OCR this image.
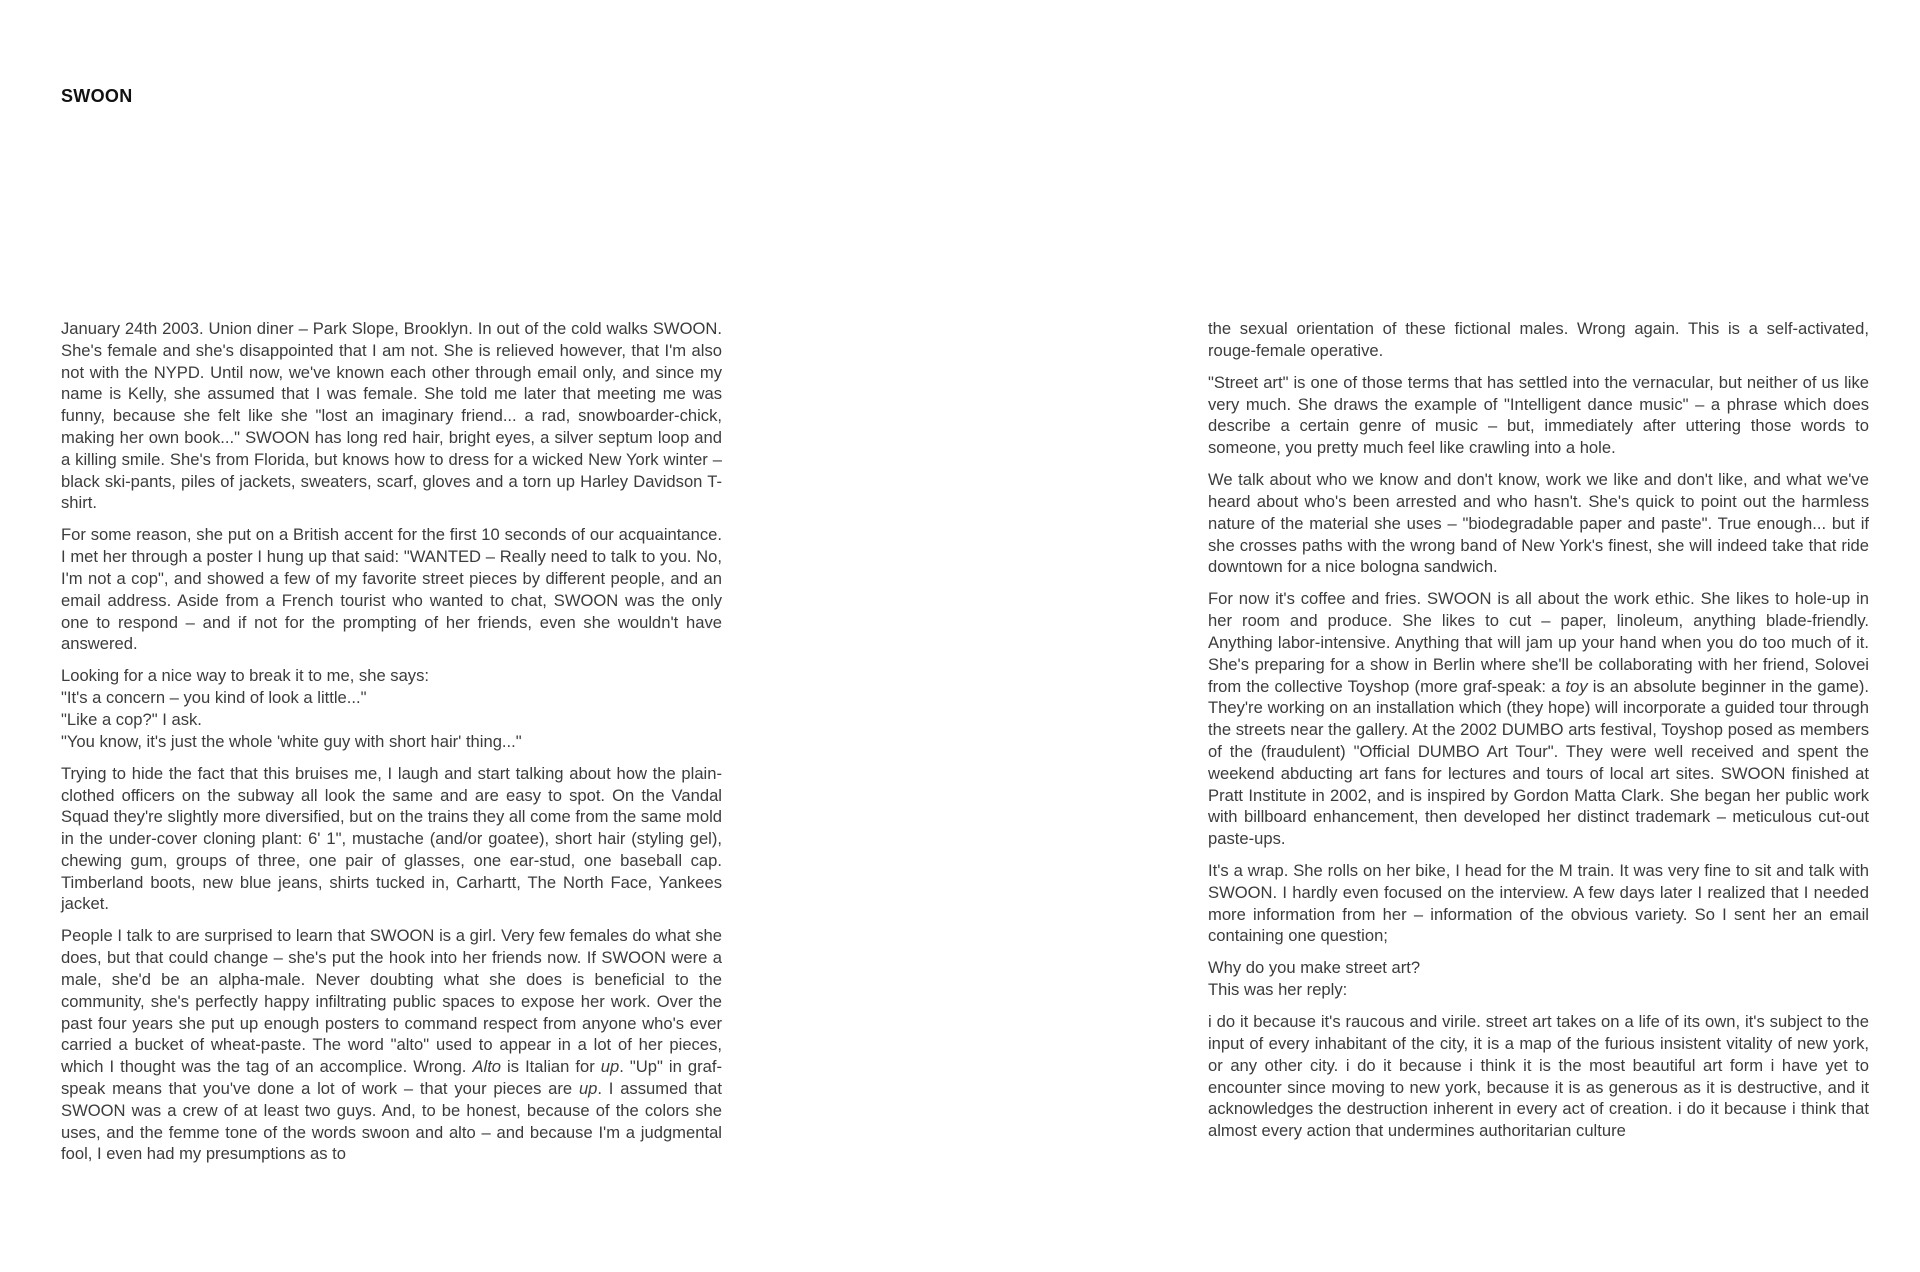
SWOON

January 24th 2003. Union diner – Park Slope, Brooklyn. In out of the cold walks SWOON. She's female and she's disappointed that I am not. She is relieved however, that I'm also not with the NYPD. Until now, we've known each other through email only, and since my name is Kelly, she assumed that I was female. She told me later that meeting me was funny, because she felt like she "lost an imaginary friend... a rad, snowboarder-chick, making her own book..." SWOON has long red hair, bright eyes, a silver septum loop and a killing smile. She's from Florida, but knows how to dress for a wicked New York winter – black ski-pants, piles of jackets, sweaters, scarf, gloves and a torn up Harley Davidson T-shirt.

For some reason, she put on a British accent for the first 10 seconds of our acquaintance. I met her through a poster I hung up that said: "WANTED – Really need to talk to you. No, I'm not a cop", and showed a few of my favorite street pieces by different people, and an email address. Aside from a French tourist who wanted to chat, SWOON was the only one to respond – and if not for the prompting of her friends, even she wouldn't have answered.

Looking for a nice way to break it to me, she says:
"It's a concern – you kind of look a little..."
"Like a cop?" I ask.
"You know, it's just the whole 'white guy with short hair' thing..."

Trying to hide the fact that this bruises me, I laugh and start talking about how the plain-clothed officers on the subway all look the same and are easy to spot. On the Vandal Squad they're slightly more diversified, but on the trains they all come from the same mold in the under-cover cloning plant: 6' 1", mustache (and/or goatee), short hair (styling gel), chewing gum, groups of three, one pair of glasses, one ear-stud, one baseball cap. Timberland boots, new blue jeans, shirts tucked in, Carhartt, The North Face, Yankees jacket.

People I talk to are surprised to learn that SWOON is a girl. Very few females do what she does, but that could change – she's put the hook into her friends now. If SWOON were a male, she'd be an alpha-male. Never doubting what she does is beneficial to the community, she's perfectly happy infiltrating public spaces to expose her work. Over the past four years she put up enough posters to command respect from anyone who's ever carried a bucket of wheat-paste. The word "alto" used to appear in a lot of her pieces, which I thought was the tag of an accomplice. Wrong. Alto is Italian for up. "Up" in graf-speak means that you've done a lot of work – that your pieces are up. I assumed that SWOON was a crew of at least two guys. And, to be honest, because of the colors she uses, and the femme tone of the words swoon and alto – and because I'm a judgmental fool, I even had my presumptions as to

the sexual orientation of these fictional males. Wrong again. This is a self-activated, rouge-female operative.

"Street art" is one of those terms that has settled into the vernacular, but neither of us like very much. She draws the example of "Intelligent dance music" – a phrase which does describe a certain genre of music – but, immediately after uttering those words to someone, you pretty much feel like crawling into a hole.

We talk about who we know and don't know, work we like and don't like, and what we've heard about who's been arrested and who hasn't. She's quick to point out the harmless nature of the material she uses – "biodegradable paper and paste". True enough... but if she crosses paths with the wrong band of New York's finest, she will indeed take that ride downtown for a nice bologna sandwich.

For now it's coffee and fries. SWOON is all about the work ethic. She likes to hole-up in her room and produce. She likes to cut – paper, linoleum, anything blade-friendly. Anything labor-intensive. Anything that will jam up your hand when you do too much of it. She's preparing for a show in Berlin where she'll be collaborating with her friend, Solovei from the collective Toyshop (more graf-speak: a toy is an absolute beginner in the game). They're working on an installation which (they hope) will incorporate a guided tour through the streets near the gallery. At the 2002 DUMBO arts festival, Toyshop posed as members of the (fraudulent) "Official DUMBO Art Tour". They were well received and spent the weekend abducting art fans for lectures and tours of local art sites. SWOON finished at Pratt Institute in 2002, and is inspired by Gordon Matta Clark. She began her public work with billboard enhancement, then developed her distinct trademark – meticulous cut-out paste-ups.

It's a wrap. She rolls on her bike, I head for the M train. It was very fine to sit and talk with SWOON. I hardly even focused on the interview. A few days later I realized that I needed more information from her – information of the obvious variety. So I sent her an email containing one question;

Why do you make street art?
This was her reply:

i do it because it's raucous and virile. street art takes on a life of its own, it's subject to the input of every inhabitant of the city, it is a map of the furious insistent vitality of new york, or any other city. i do it because i think it is the most beautiful art form i have yet to encounter since moving to new york, because it is as generous as it is destructive, and it acknowledges the destruction inherent in every act of creation. i do it because i think that almost every action that undermines authoritarian culture
